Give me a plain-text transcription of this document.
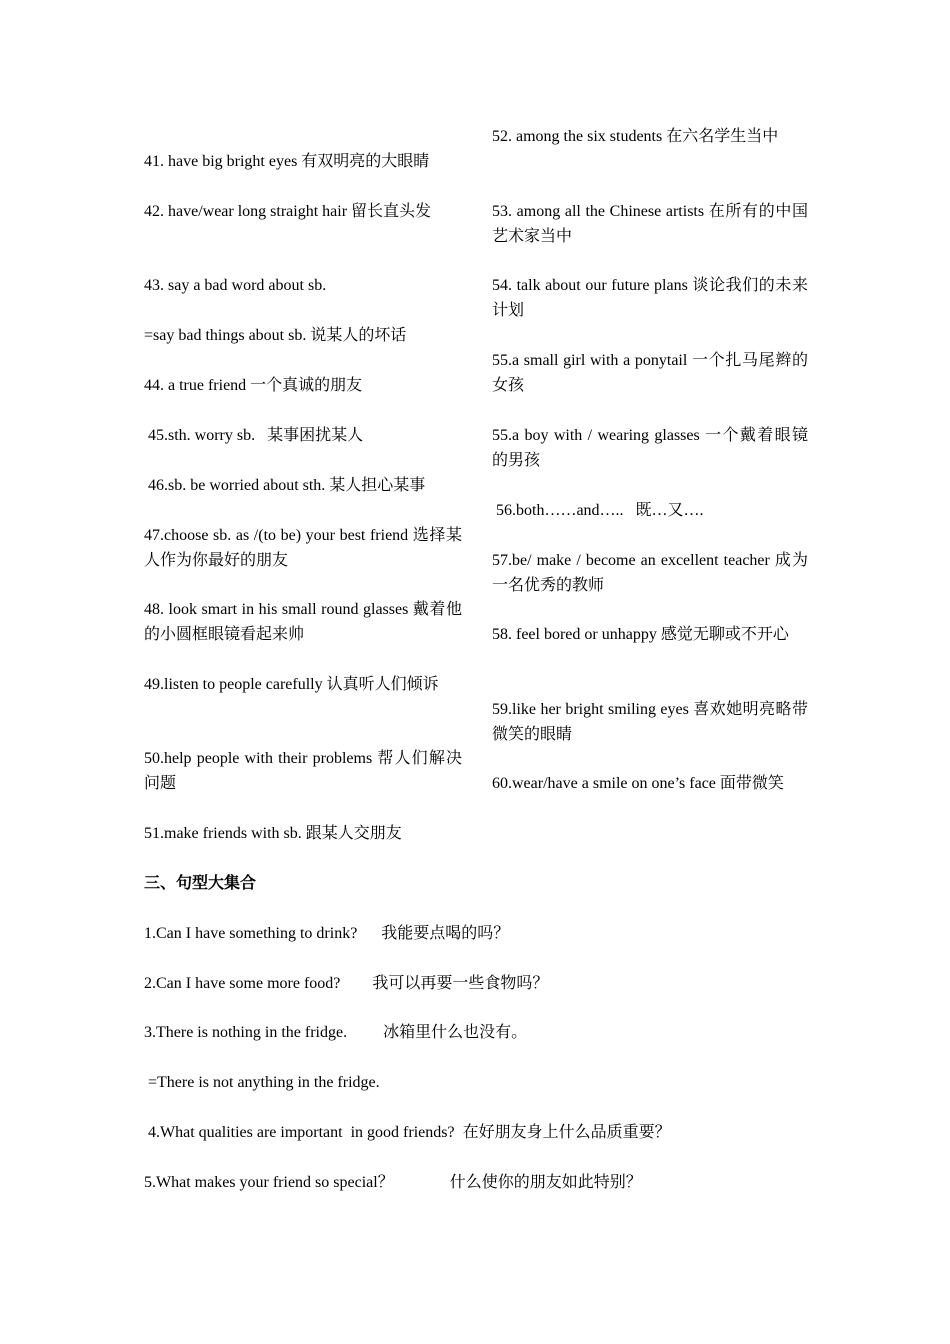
41. have big bright eyes 有双明亮的大眼睛

42. have/wear long straight hair 留长直头发

43. say a bad word about sb.

=say bad things about sb. 说某人的坏话

44. a true friend 一个真诚的朋友

45.sth. worry sb.   某事困扰某人

46.sb. be worried about sth. 某人担心某事

47.choose sb. as /(to be) your best friend 选择某人作为你最好的朋友

48. look smart in his small round glasses 戴着他的小圆框眼镜看起来帅

49.listen to people carefully 认真听人们倾诉

50.help people with their problems 帮人们解决问题

51.make friends with sb. 跟某人交朋友

52. among the six students 在六名学生当中

53. among all the Chinese artists 在所有的中国艺术家当中

54. talk about our future plans 谈论我们的未来计划

55.a small girl with a ponytail 一个扎马尾辫的女孩

55.a boy with / wearing glasses 一个戴着眼镜的男孩

56.both……and…..   既…又….

57.be/ make / become an excellent teacher 成为一名优秀的教师

58. feel bored or unhappy 感觉无聊或不开心

59.like her bright smiling eyes 喜欢她明亮略带微笑的眼睛

60.wear/have a smile on one’s face 面带微笑

三、句型大集合

1.Can I have something to drink?      我能要点喝的吗？

2.Can I have some more food?        我可以再要一些食物吗？

3.There is nothing in the fridge.         冰箱里什么也没有。

=There is not anything in the fridge.

4.What qualities are important  in good friends?  在好朋友身上什么品质重要？

5.What makes your friend so special？              什么使你的朋友如此特别？
